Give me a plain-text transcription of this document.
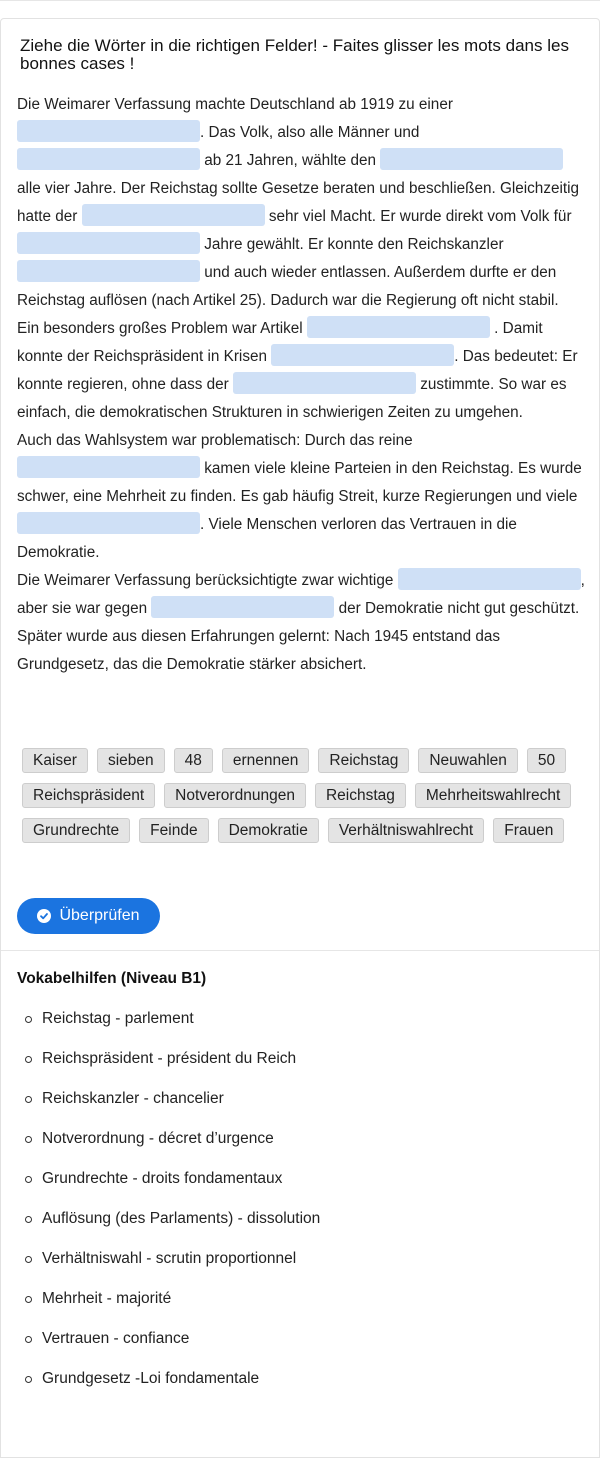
Ziehe die Wörter in die richtigen Felder! - Faites glisser les mots dans les bonnes cases !

Die Weimarer Verfassung machte Deutschland ab 1919 zu einer . Das Volk, also alle Männer und  ab 21 Jahren, wählte den  alle vier Jahre. Der Reichstag sollte Gesetze beraten und beschließen. Gleichzeitig hatte der	sehr viel Macht. Er wurde direkt vom Volk für  Jahre gewählt. Er konnte den Reichskanzler  und auch wieder entlassen. Außerdem durfte er den Reichstag auflösen (nach Artikel 25). Dadurch war die Regierung oft nicht stabil.

Ein besonders großes Problem war Artikel	. Damit konnte der Reichspräsident in Krisen	. Das bedeutet: Er konnte regieren, ohne dass der	zustimmte. So war es einfach, die demokratischen Strukturen in schwierigen Zeiten zu umgehen.

Auch das Wahlsystem war problematisch: Durch das reine  kamen viele kleine Parteien in den Reichstag. Es wurde schwer, eine Mehrheit zu finden. Es gab häufig Streit, kurze Regierungen und viele . Viele Menschen verloren das Vertrauen in die Demokratie.

Die Weimarer Verfassung berücksichtigte zwar wichtige	, aber sie war gegen	der Demokratie nicht gut geschützt. Später wurde aus diesen Erfahrungen gelernt: Nach 1945 entstand das Grundgesetz, das die Demokratie stärker absichert.

Kaiser	sieben	48	ernennen	Reichstag	Neuwahlen	50
Reichspräsident	Notverordnungen	Reichstag	Mehrheitswahlrecht
Grundrechte	Feinde	Demokratie	Verhältniswahlrecht	Frauen
Überprüfen
Vokabelhilfen (Niveau B1)
Reichstag - parlement
Reichspräsident - président du Reich
Reichskanzler - chancelier
Notverordnung - décret d’urgence
Grundrechte - droits fondamentaux
Auflösung (des Parlaments) - dissolution
Verhältniswahl - scrutin proportionnel
Mehrheit - majorité
Vertrauen - confiance
Grundgesetz -Loi fondamentale
